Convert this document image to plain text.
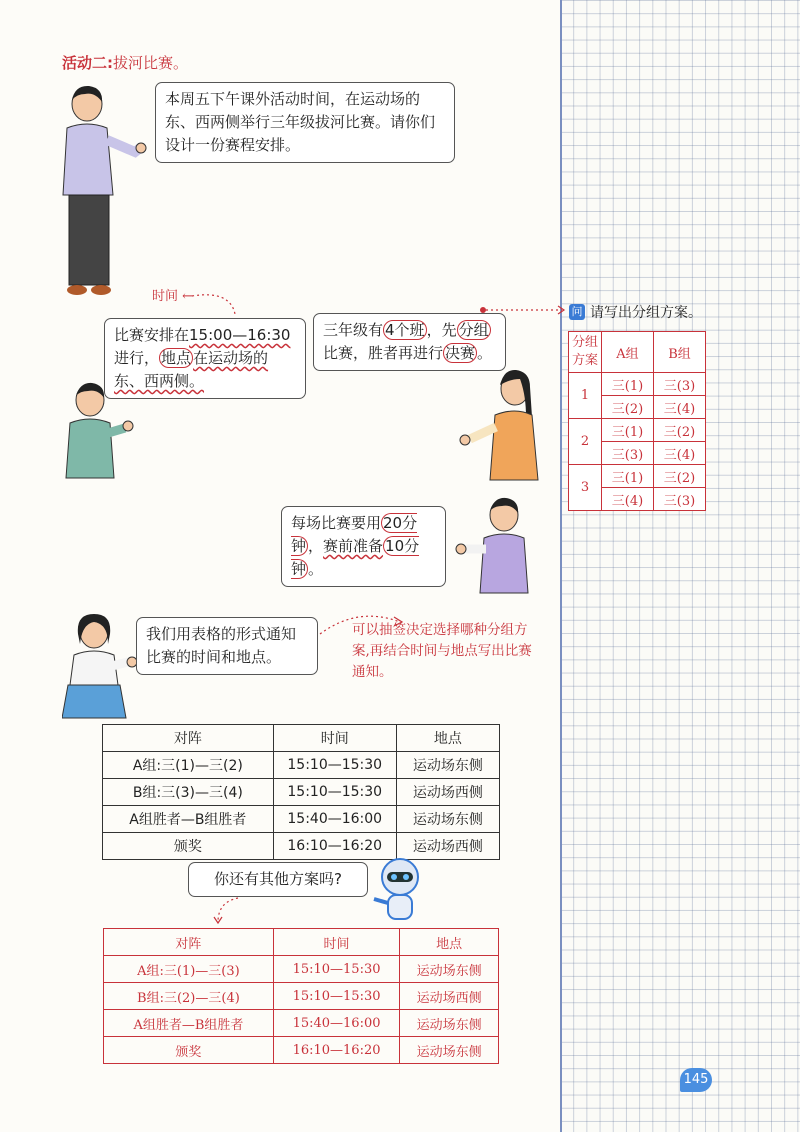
活动二:拔河比赛。
本周五下午课外活动时间，在运动场的东、西两侧举行三年级拔河比赛。请你们设计一份赛程安排。
时间 ←
比赛安排在15:00—16:30进行， 地点 在运动场的东、西两侧。
三年级有 4个班 ，先 分组比赛，胜者再进行 决赛 。
问 请写出分组方案。
分组方案	A组	B组
1	三(1)	三(3)
	三(2)	三(4)
2	三(1)	三(2)
	三(3)	三(4)
3	三(1)	三(2)
	三(4)	三(3)
每场比赛要用 20分钟 ，赛前准备 10分钟 。
我们用表格的形式通知比赛的时间和地点。
可以抽签决定选择哪种分组方案,再结合时间与地点写出比赛通知。
对阵	时间	地点
A组:三(1)—三(2)	15:10—15:30	运动场东侧
B组:三(3)—三(4)	15:10—15:30	运动场西侧
A组胜者—B组胜者	15:40—16:00	运动场东侧
颁奖	16:10—16:20	运动场西侧
你还有其他方案吗?
对阵	时间	地点
A组:三(1)—三(3)	15:10—15:30	运动场东侧
B组:三(2)—三(4)	15:10—15:30	运动场西侧
A组胜者—B组胜者	15:40—16:00	运动场东侧
颁奖	16:10—16:20	运动场东侧
145
